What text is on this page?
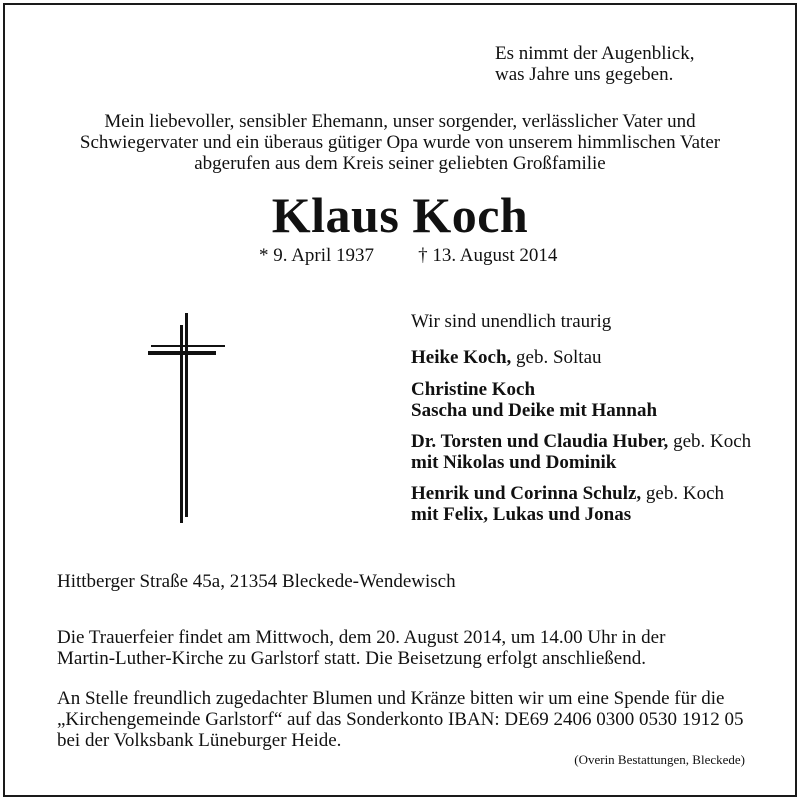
Es nimmt der Augenblick,
was Jahre uns gegeben.
Mein liebevoller, sensibler Ehemann, unser sorgender, verlässlicher Vater und
Schwiegervater und ein überaus gütiger Opa wurde von unserem himmlischen Vater
abgerufen aus dem Kreis seiner geliebten Großfamilie
Klaus Koch
* 9. April 1937 † 13. August 2014
Wir sind unendlich traurig
Heike Koch, geb. Soltau
Christine Koch
Sascha und Deike mit Hannah
Dr. Torsten und Claudia Huber, geb. Koch
mit Nikolas und Dominik
Henrik und Corinna Schulz, geb. Koch
mit Felix, Lukas und Jonas
Hittberger Straße 45a, 21354 Bleckede-Wendewisch
Die Trauerfeier findet am Mittwoch, dem 20. August 2014, um 14.00 Uhr in der
Martin-Luther-Kirche zu Garlstorf statt. Die Beisetzung erfolgt anschließend.
An Stelle freundlich zugedachter Blumen und Kränze bitten wir um eine Spende für die
„Kirchengemeinde Garlstorf“ auf das Sonderkonto IBAN: DE69 2406 0300 0530 1912 05
bei der Volksbank Lüneburger Heide.
(Overin Bestattungen, Bleckede)
